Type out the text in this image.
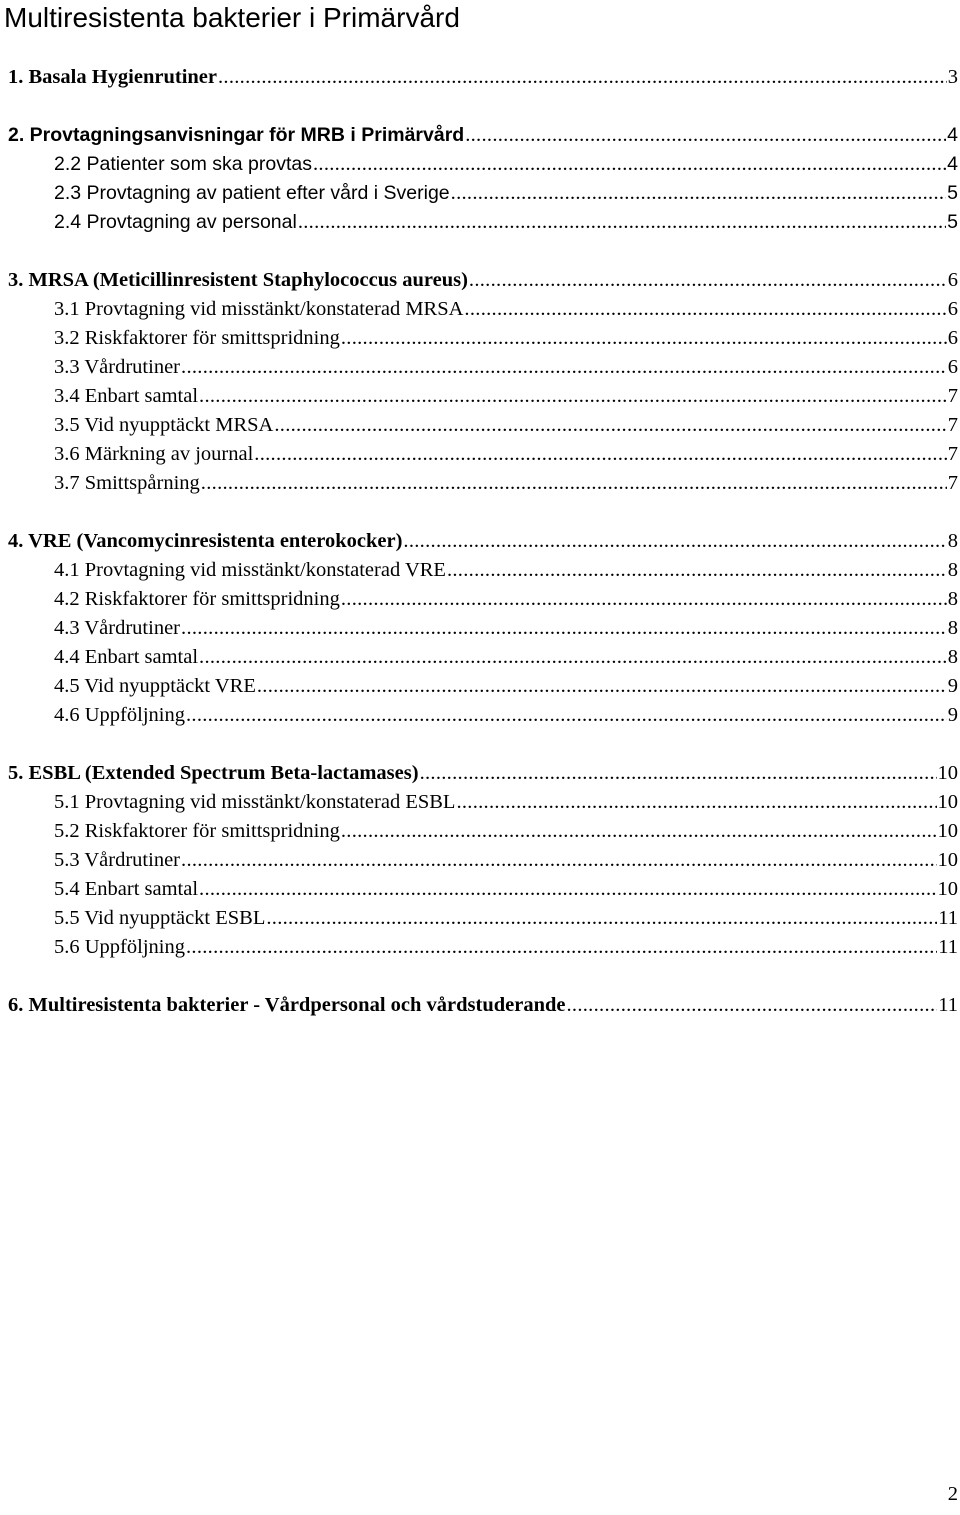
Multiresistenta bakterier i Primärvård
1. Basala Hygienrutiner .....	3
2. Provtagningsanvisningar för MRB i Primärvård .....	4
2.2 Patienter som ska provtas .....	4
2.3 Provtagning av patient efter vård i Sverige .....	5
2.4 Provtagning av personal .....	5
3. MRSA (Meticillinresistent Staphylococcus aureus) .....	6
3.1 Provtagning vid misstänkt/konstaterad MRSA .....	6
3.2 Riskfaktorer för smittspridning .....	6
3.3 Vårdrutiner .....	6
3.4 Enbart samtal .....	7
3.5 Vid nyupptäckt MRSA .....	7
3.6 Märkning av journal .....	7
3.7 Smittspårning .....	7
4. VRE (Vancomycinresistenta enterokocker) .....	8
4.1 Provtagning vid misstänkt/konstaterad VRE .....	8
4.2 Riskfaktorer för smittspridning .....	8
4.3 Vårdrutiner .....	8
4.4 Enbart samtal .....	8
4.5 Vid nyupptäckt VRE .....	9
4.6 Uppföljning .....	9
5. ESBL (Extended Spectrum Beta-lactamases) .....	10
5.1 Provtagning vid misstänkt/konstaterad ESBL .....	10
5.2 Riskfaktorer för smittspridning .....	10
5.3 Vårdrutiner .....	10
5.4 Enbart samtal .....	10
5.5 Vid nyupptäckt ESBL .....	11
5.6 Uppföljning .....	11
6. Multiresistenta bakterier - Vårdpersonal och vårdstuderande .....	11
2
